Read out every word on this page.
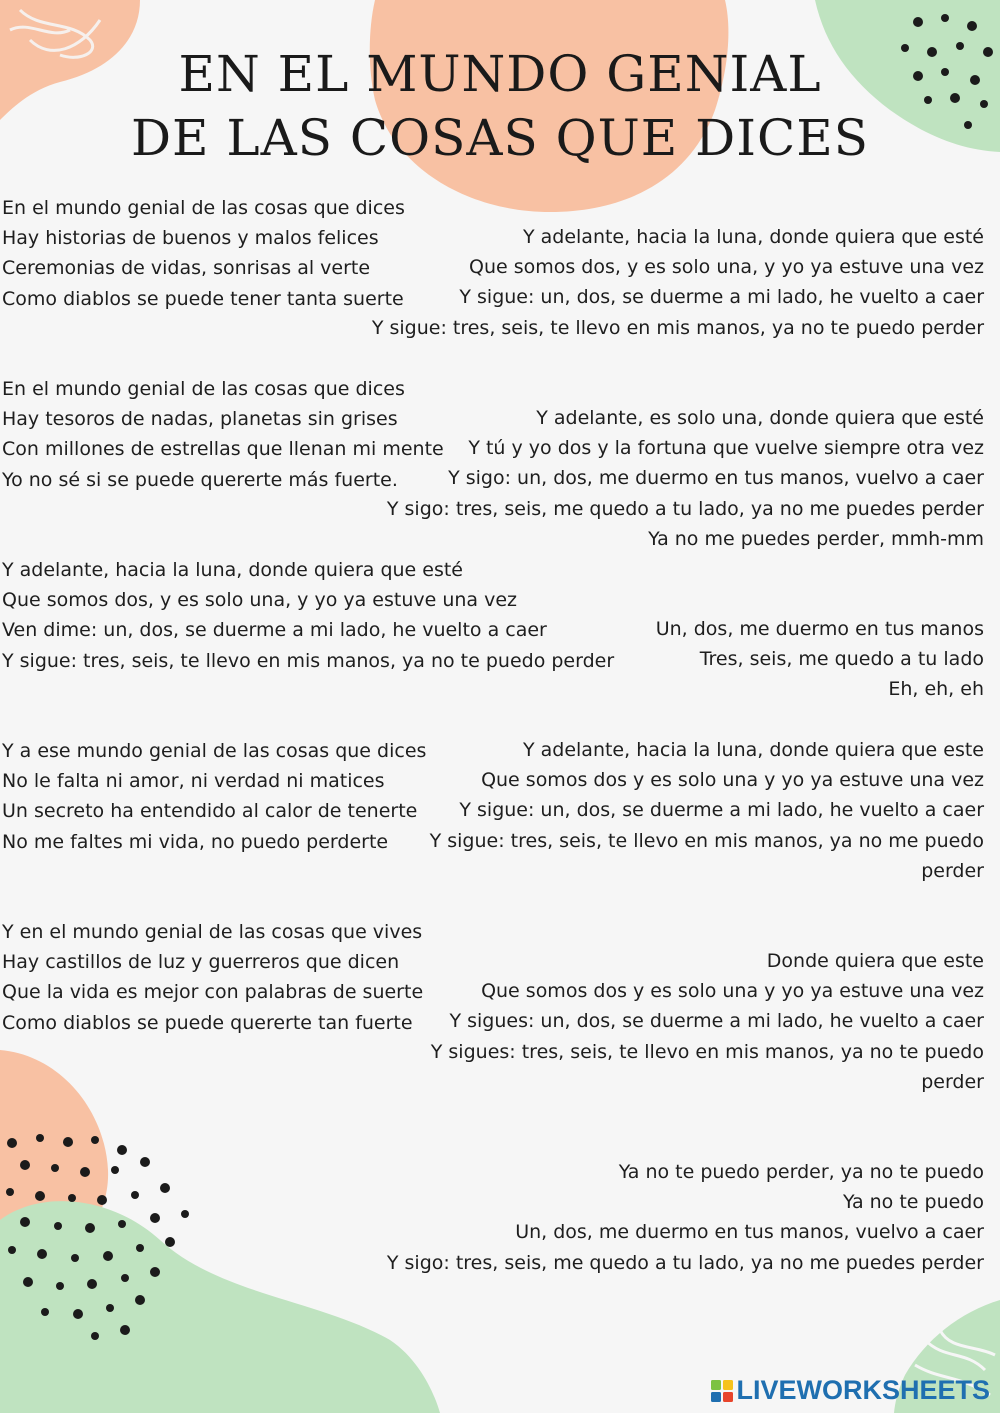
EN EL MUNDO GENIAL
DE LAS COSAS QUE DICES
En el mundo genial de las cosas que dices
Hay historias de buenos y malos felices
Ceremonias de vidas, sonrisas al verte
Como diablos se puede tener tanta suerte
Y adelante, hacia la luna, donde quiera que esté
Que somos dos, y es solo una, y yo ya estuve una vez
Y sigue: un, dos, se duerme a mi lado, he vuelto a caer
Y sigue: tres, seis, te llevo en mis manos, ya no te puedo perder
En el mundo genial de las cosas que dices
Hay tesoros de nadas, planetas sin grises
Con millones de estrellas que llenan mi mente
Yo no sé si se puede quererte más fuerte.
Y adelante, es solo una, donde quiera que esté
Y tú y yo dos y la fortuna que vuelve siempre otra vez
Y sigo: un, dos, me duermo en tus manos, vuelvo a caer
Y sigo: tres, seis, me quedo a tu lado, ya no me puedes perder
Ya no me puedes perder, mmh-mm
Y adelante, hacia la luna, donde quiera que esté
Que somos dos, y es solo una, y yo ya estuve una vez
Ven dime: un, dos, se duerme a mi lado, he vuelto a caer
Y sigue: tres, seis, te llevo en mis manos, ya no te puedo perder
Un, dos, me duermo en tus manos
Tres, seis, me quedo a tu lado
Eh, eh, eh
Y a ese mundo genial de las cosas que dices
No le falta ni amor, ni verdad ni matices
Un secreto ha entendido al calor de tenerte
No me faltes mi vida, no puedo perderte
Y adelante, hacia la luna, donde quiera que este
Que somos dos y es solo una y yo ya estuve una vez
Y sigue: un, dos, se duerme a mi lado, he vuelto a caer
Y sigue: tres, seis, te llevo en mis manos, ya no me puedo
perder
Y en el mundo genial de las cosas que vives
Hay castillos de luz y guerreros que dicen
Que la vida es mejor con palabras de suerte
Como diablos se puede quererte tan fuerte
Donde quiera que este
Que somos dos y es solo una y yo ya estuve una vez
Y sigues: un, dos, se duerme a mi lado, he vuelto a caer
Y sigues: tres, seis, te llevo en mis manos, ya no te puedo
perder
Ya no te puedo perder, ya no te puedo
Ya no te puedo
Un, dos, me duermo en tus manos, vuelvo a caer
Y sigo: tres, seis, me quedo a tu lado, ya no me puedes perder
LIVEWORKSHEETS
